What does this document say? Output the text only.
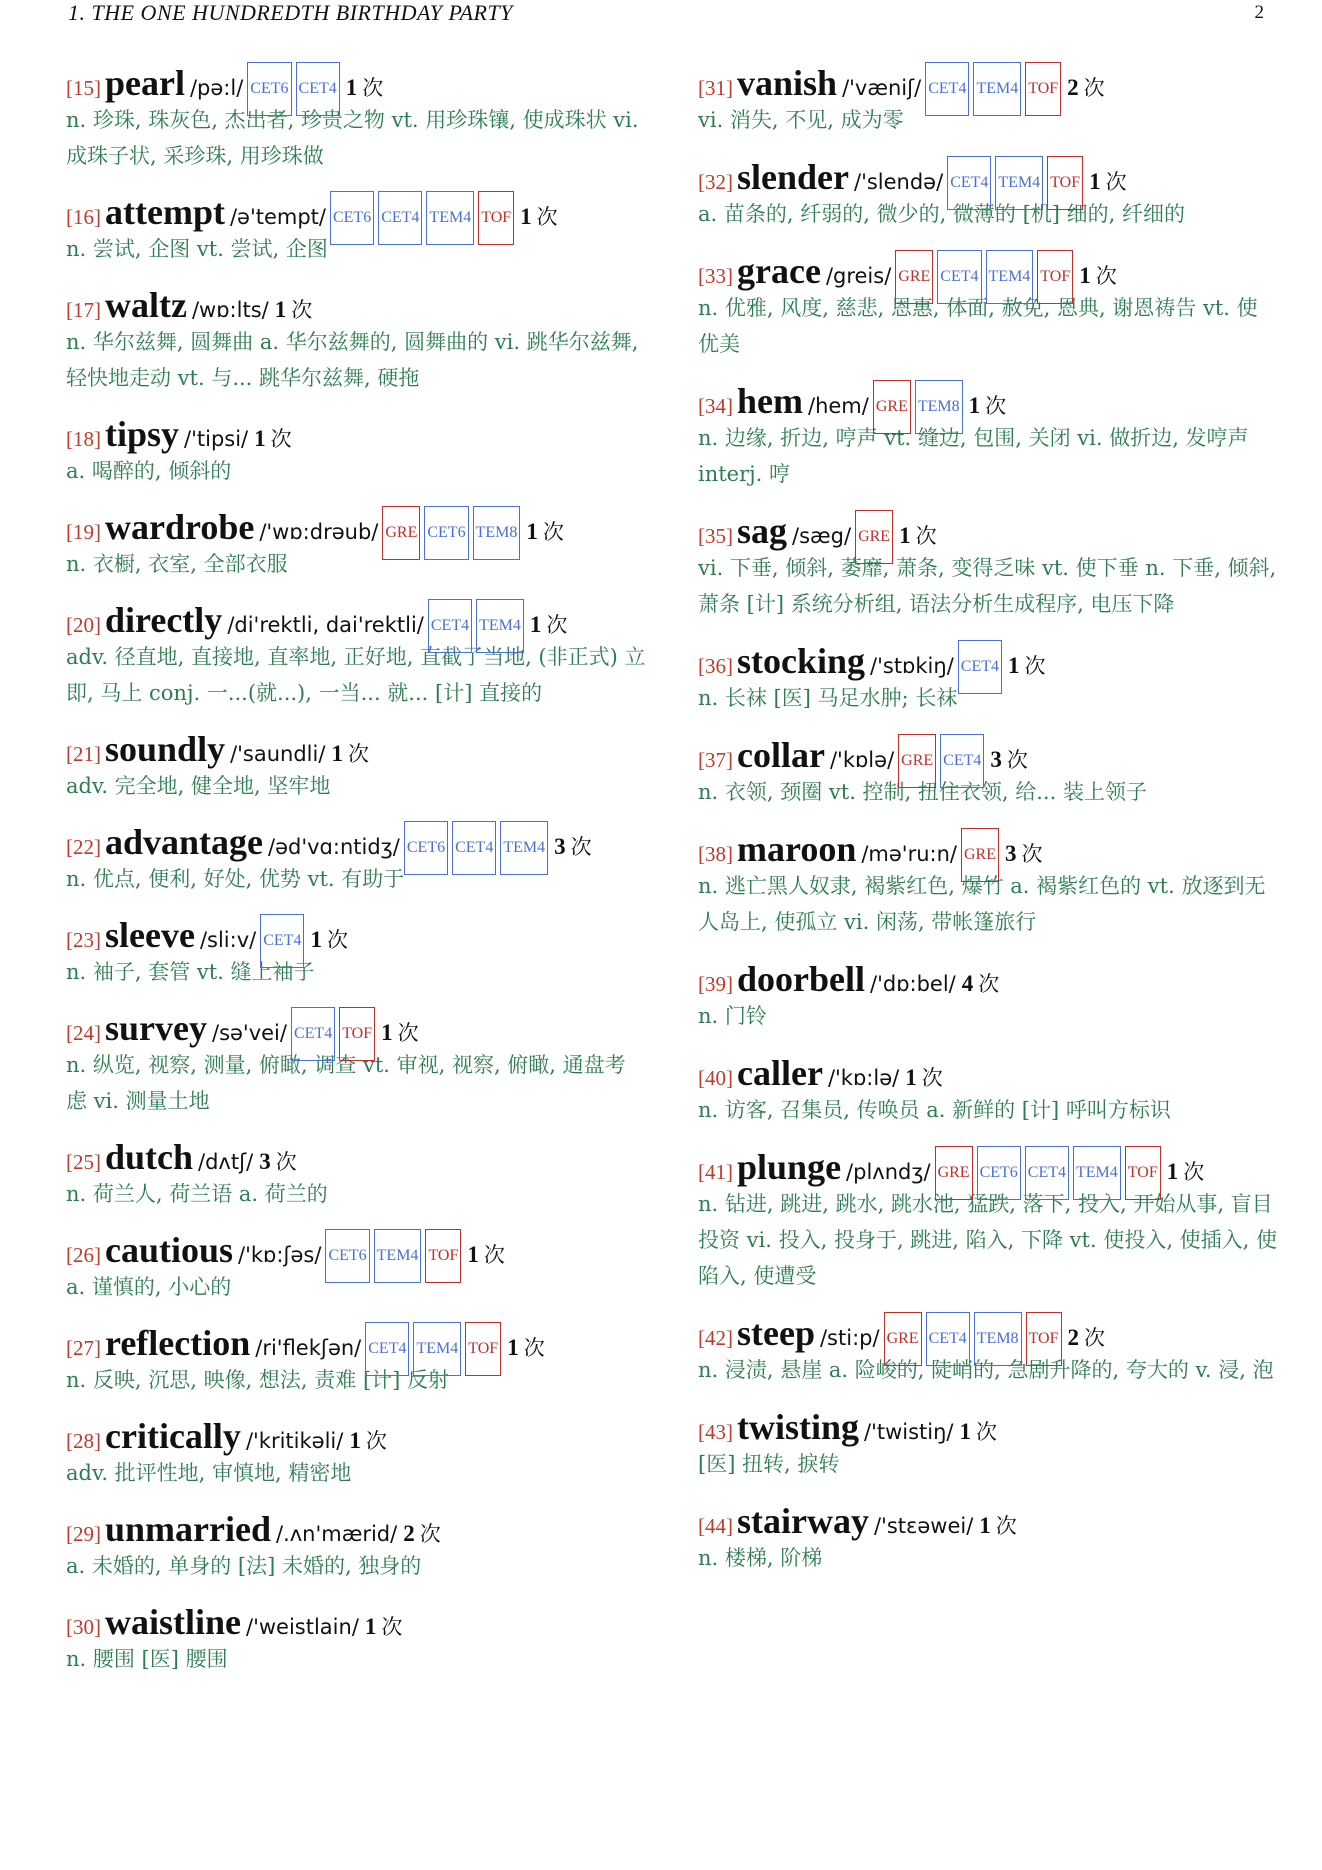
1. THE ONE HUNDREDTH BIRTHDAY PARTY	2
[15] pearl /pə:l/ CET6 CET4 1 次
n. 珍珠, 珠灰色, 杰出者, 珍贵之物 vt. 用珍珠镶, 使成珠状 vi. 成珠子状, 采珍珠, 用珍珠做
[16] attempt /ə'tempt/ CET6 CET4 TEM4 TOF 1 次
n. 尝试, 企图 vt. 尝试, 企图
[17] waltz /wɒ:lts/ 1 次
n. 华尔兹舞, 圆舞曲 a. 华尔兹舞的, 圆舞曲的 vi. 跳华尔兹舞, 轻快地走动 vt. 与... 跳华尔兹舞, 硬拖
[18] tipsy /'tipsi/ 1 次
a. 喝醉的, 倾斜的
[19] wardrobe /'wɒ:drəub/ GRE CET6 TEM8 1 次
n. 衣橱, 衣室, 全部衣服
[20] directly /di'rektli, dai'rektli/ CET4 TEM4 1 次
adv. 径直地, 直接地, 直率地, 正好地, 直截了当地, (非正式) 立即, 马上 conj. 一...(就...), 一当... 就... [计] 直接的
[21] soundly /'saundli/ 1 次
adv. 完全地, 健全地, 坚牢地
[22] advantage /əd'vɑ:ntidʒ/ CET6 CET4 TEM4 3 次
n. 优点, 便利, 好处, 优势 vt. 有助于
[23] sleeve /sli:v/ CET4 1 次
n. 袖子, 套管 vt. 缝上袖子
[24] survey /sə'vei/ CET4 TOF 1 次
n. 纵览, 视察, 测量, 俯瞰, 调查 vt. 审视, 视察, 俯瞰, 通盘考虑 vi. 测量土地
[25] dutch /dʌtʃ/ 3 次
n. 荷兰人, 荷兰语 a. 荷兰的
[26] cautious /'kɒ:ʃəs/ CET6 TEM4 TOF 1 次
a. 谨慎的, 小心的
[27] reflection /ri'flekʃən/ CET4 TEM4 TOF 1 次
n. 反映, 沉思, 映像, 想法, 责难 [计] 反射
[28] critically /'kritikəli/ 1 次
adv. 批评性地, 审慎地, 精密地
[29] unmarried /.ʌn'mærid/ 2 次
a. 未婚的, 单身的 [法] 未婚的, 独身的
[30] waistline /'weistlain/ 1 次
n. 腰围 [医] 腰围
[31] vanish /'væniʃ/ CET4 TEM4 TOF 2 次
vi. 消失, 不见, 成为零
[32] slender /'slendə/ CET4 TEM4 TOF 1 次
a. 苗条的, 纤弱的, 微少的, 微薄的 [机] 细的, 纤细的
[33] grace /greis/ GRE CET4 TEM4 TOF 1 次
n. 优雅, 风度, 慈悲, 恩惠, 体面, 赦免, 恩典, 谢恩祷告 vt. 使优美
[34] hem /hem/ GRE TEM8 1 次
n. 边缘, 折边, 哼声 vt. 缝边, 包围, 关闭 vi. 做折边, 发哼声 interj. 哼
[35] sag /sæg/ GRE 1 次
vi. 下垂, 倾斜, 萎靡, 萧条, 变得乏味 vt. 使下垂 n. 下垂, 倾斜, 萧条 [计] 系统分析组, 语法分析生成程序, 电压下降
[36] stocking /'stɒkiŋ/ CET4 1 次
n. 长袜 [医] 马足水肿; 长袜
[37] collar /'kɒlə/ GRE CET4 3 次
n. 衣领, 颈圈 vt. 控制, 扭住衣领, 给... 装上领子
[38] maroon /mə'ru:n/ GRE 3 次
n. 逃亡黑人奴隶, 褐紫红色, 爆竹 a. 褐紫红色的 vt. 放逐到无人岛上, 使孤立 vi. 闲荡, 带帐篷旅行
[39] doorbell /'dɒ:bel/ 4 次
n. 门铃
[40] caller /'kɒ:lə/ 1 次
n. 访客, 召集员, 传唤员 a. 新鲜的 [计] 呼叫方标识
[41] plunge /plʌndʒ/ GRE CET6 CET4 TEM4 TOF 1 次
n. 钻进, 跳进, 跳水, 跳水池, 猛跌, 落下, 投入, 开始从事, 盲目投资 vi. 投入, 投身于, 跳进, 陷入, 下降 vt. 使投入, 使插入, 使陷入, 使遭受
[42] steep /sti:p/ GRE CET4 TEM8 TOF 2 次
n. 浸渍, 悬崖 a. 险峻的, 陡峭的, 急剧升降的, 夸大的 v. 浸, 泡
[43] twisting /'twistiŋ/ 1 次
[医] 扭转, 捩转
[44] stairway /'stɛəwei/ 1 次
n. 楼梯, 阶梯
